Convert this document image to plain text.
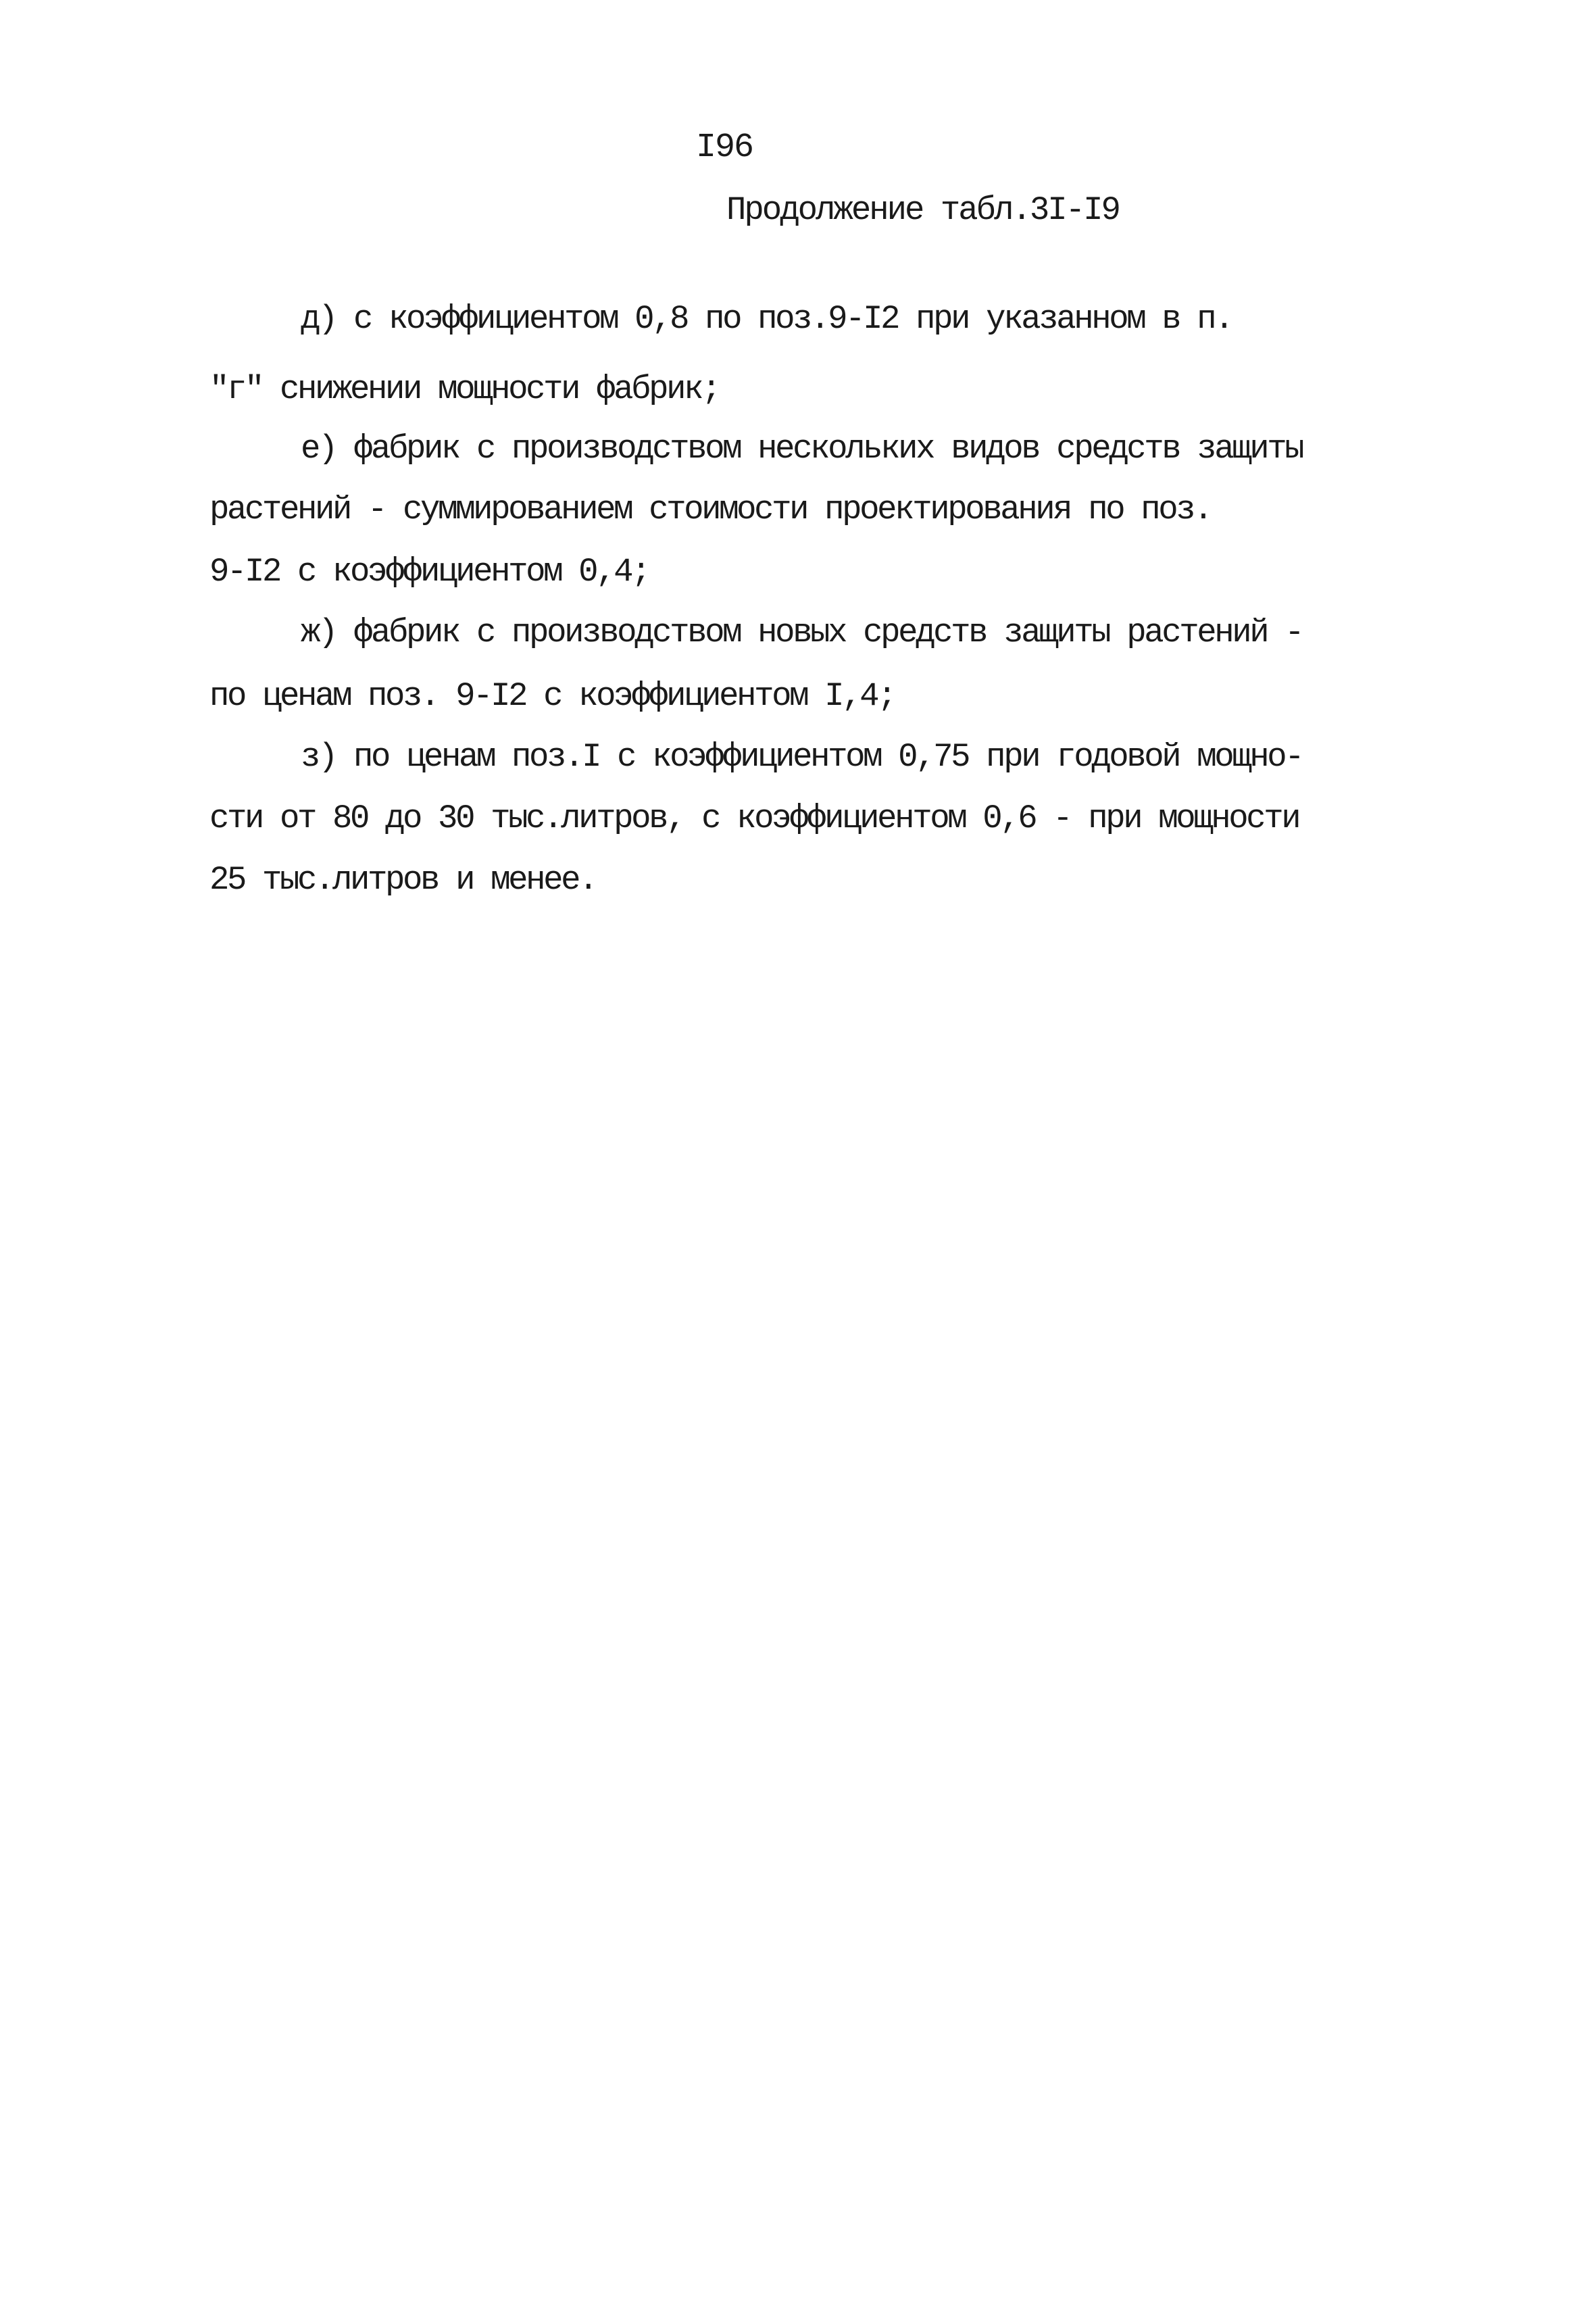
I96
Продолжение табл.3I-I9
д) с коэффициентом 0,8 по поз.9-I2 при указанном в п.
"г" снижении мощности фабрик;
е) фабрик с производством нескольких видов средств защиты
растений - суммированием стоимости проектирования по поз.
9-I2 с коэффициентом 0,4;
ж) фабрик с производством новых средств защиты растений -
по ценам поз. 9-I2 с коэффициентом I,4;
з) по ценам поз.I с коэффициентом 0,75 при годовой мощно-
сти от 80 до 30 тыс.литров, с коэффициентом 0,6 - при мощности
25 тыс.литров и менее.
